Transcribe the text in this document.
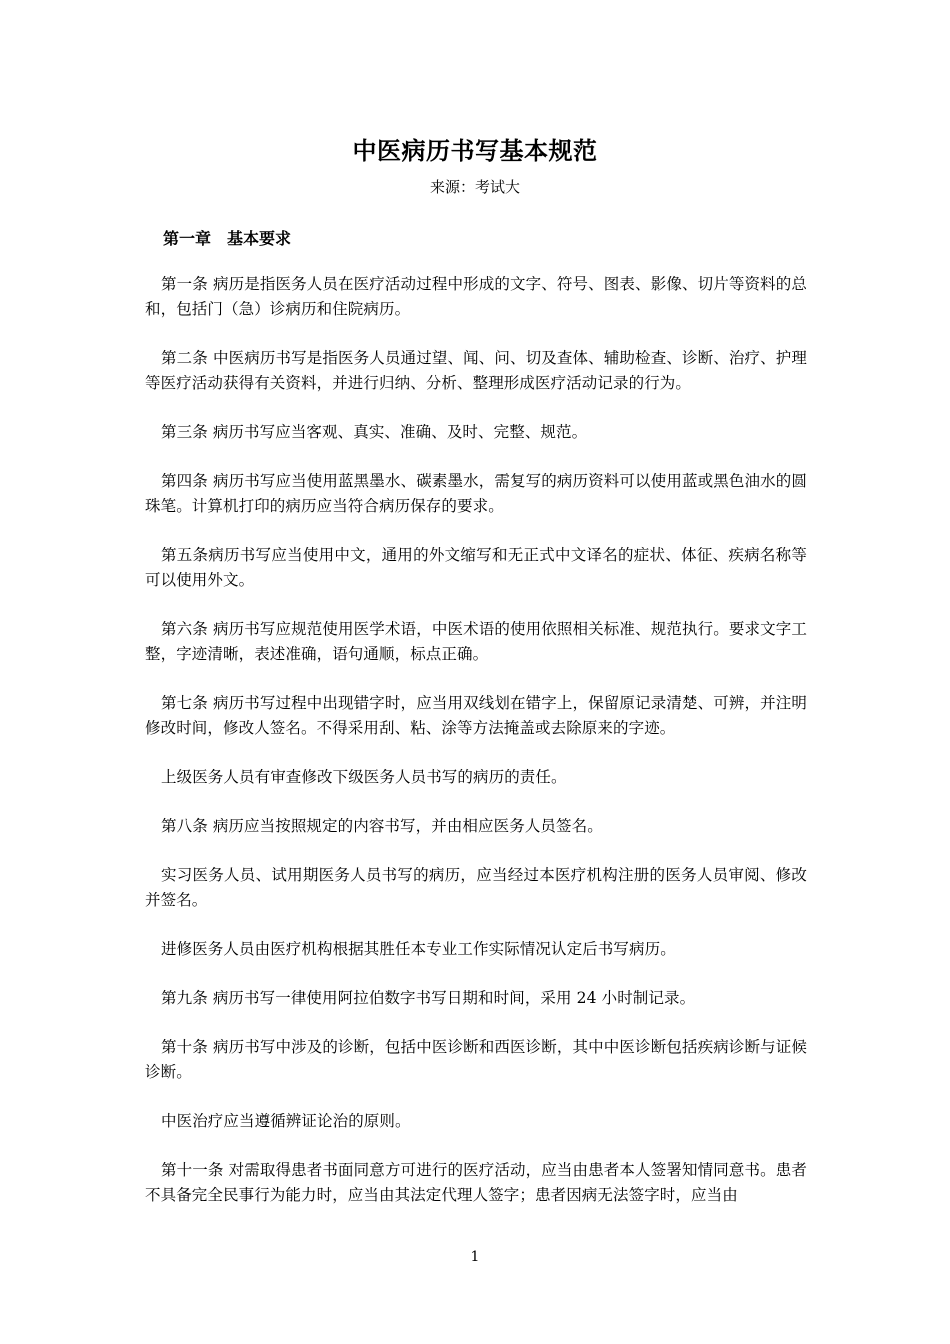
中医病历书写基本规范
来源：考试大
第一章　基本要求

第一条 病历是指医务人员在医疗活动过程中形成的文字、符号、图表、影像、切片等资料的总和，包括门（急）诊病历和住院病历。

第二条 中医病历书写是指医务人员通过望、闻、问、切及查体、辅助检查、诊断、治疗、护理等医疗活动获得有关资料，并进行归纳、分析、整理形成医疗活动记录的行为。

第三条 病历书写应当客观、真实、准确、及时、完整、规范。

第四条 病历书写应当使用蓝黑墨水、碳素墨水，需复写的病历资料可以使用蓝或黑色油水的圆珠笔。计算机打印的病历应当符合病历保存的要求。

第五条病历书写应当使用中文，通用的外文缩写和无正式中文译名的症状、体征、疾病名称等可以使用外文。

第六条 病历书写应规范使用医学术语，中医术语的使用依照相关标准、规范执行。要求文字工整，字迹清晰，表述准确，语句通顺，标点正确。

第七条 病历书写过程中出现错字时，应当用双线划在错字上，保留原记录清楚、可辨，并注明修改时间，修改人签名。不得采用刮、粘、涂等方法掩盖或去除原来的字迹。

上级医务人员有审查修改下级医务人员书写的病历的责任。

第八条 病历应当按照规定的内容书写，并由相应医务人员签名。

实习医务人员、试用期医务人员书写的病历，应当经过本医疗机构注册的医务人员审阅、修改并签名。

进修医务人员由医疗机构根据其胜任本专业工作实际情况认定后书写病历。

第九条 病历书写一律使用阿拉伯数字书写日期和时间，采用 24 小时制记录。

第十条 病历书写中涉及的诊断，包括中医诊断和西医诊断，其中中医诊断包括疾病诊断与证候诊断。

中医治疗应当遵循辨证论治的原则。

第十一条 对需取得患者书面同意方可进行的医疗活动，应当由患者本人签署知情同意书。患者不具备完全民事行为能力时，应当由其法定代理人签字；患者因病无法签字时，应当由

1
